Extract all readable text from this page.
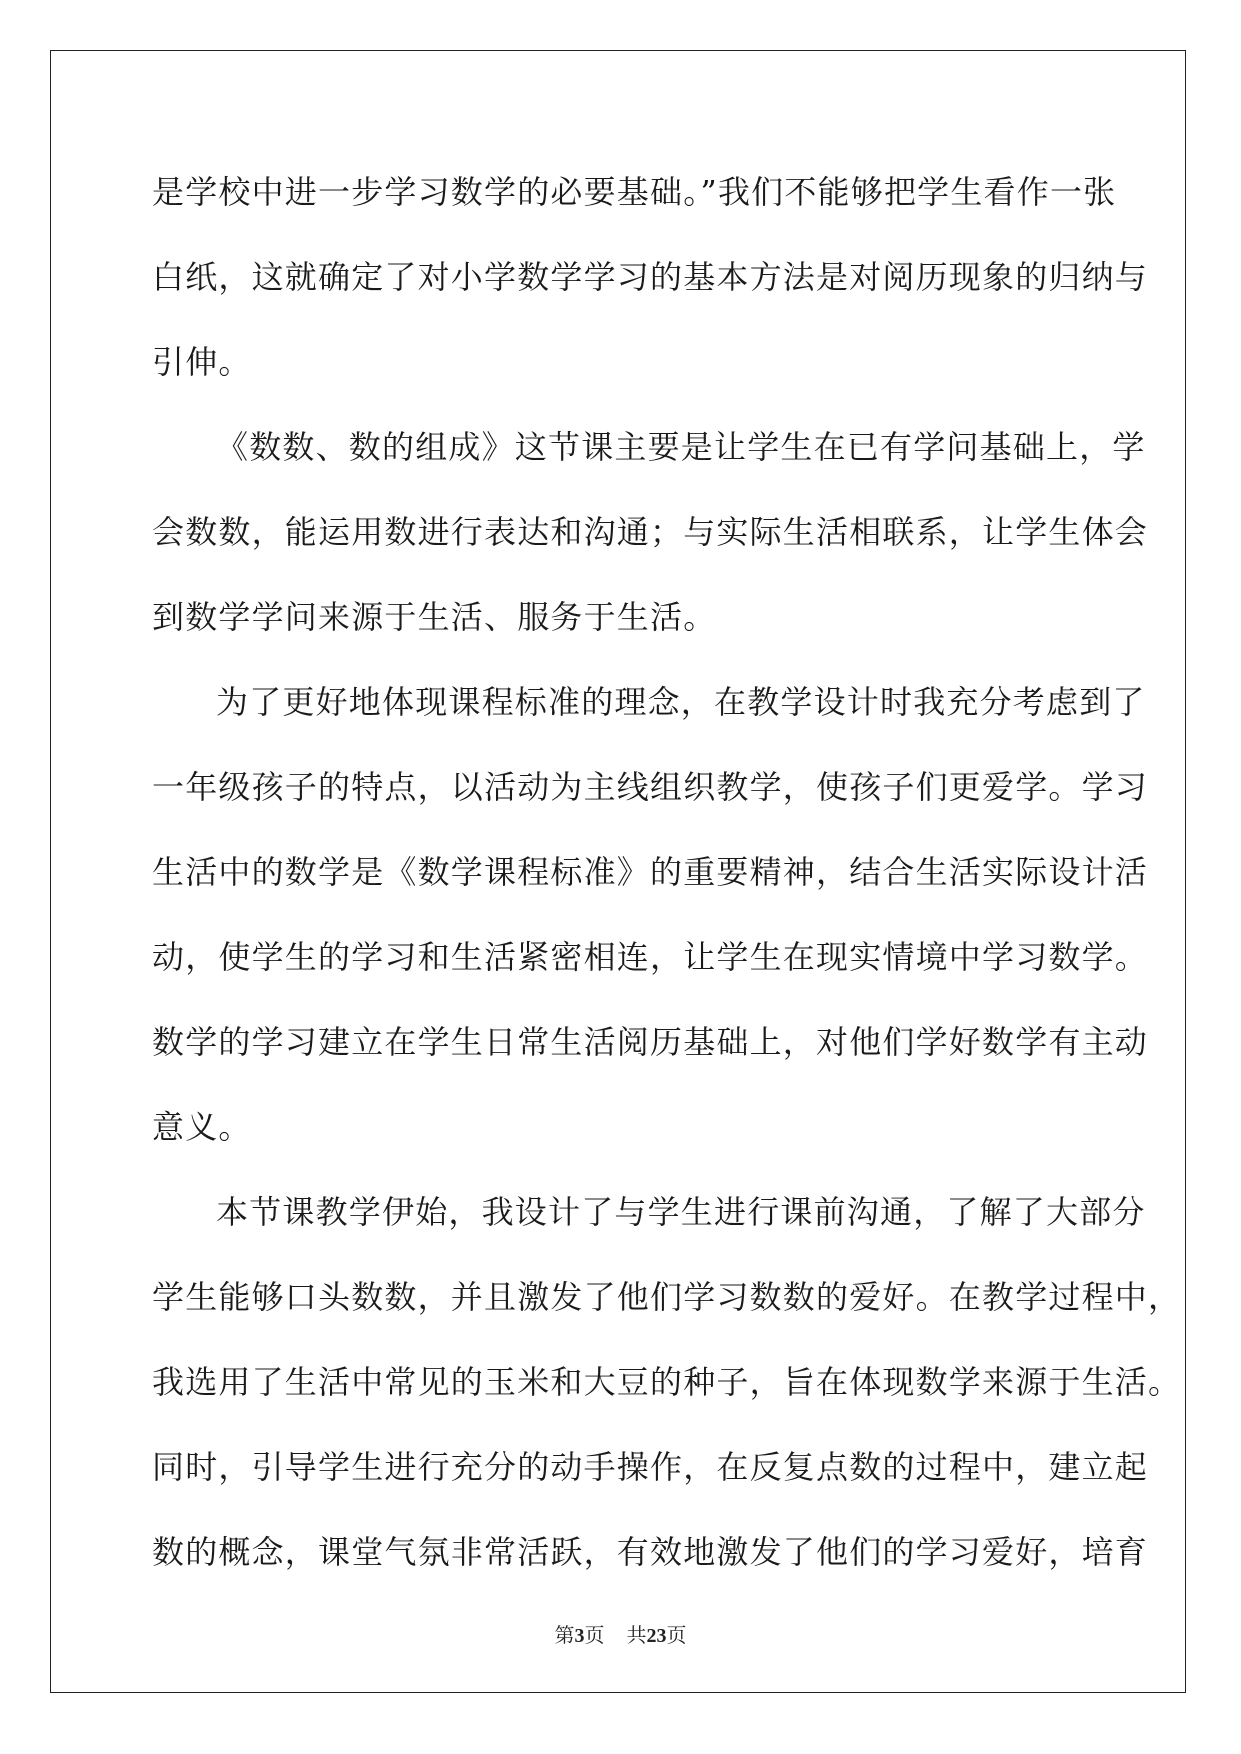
是学校中进一步学习数学的必要基础。”我们不能够把学生看作一张
白纸，这就确定了对小学数学学习的基本方法是对阅历现象的归纳与
引伸。
《数数、数的组成》这节课主要是让学生在已有学问基础上，学
会数数，能运用数进行表达和沟通；与实际生活相联系，让学生体会
到数学学问来源于生活、服务于生活。
为了更好地体现课程标准的理念，在教学设计时我充分考虑到了
一年级孩子的特点，以活动为主线组织教学，使孩子们更爱学。学习
生活中的数学是《数学课程标准》的重要精神，结合生活实际设计活
动，使学生的学习和生活紧密相连，让学生在现实情境中学习数学。
数学的学习建立在学生日常生活阅历基础上，对他们学好数学有主动
意义。
本节课教学伊始，我设计了与学生进行课前沟通，了解了大部分
学生能够口头数数，并且激发了他们学习数数的爱好。在教学过程中，
我选用了生活中常见的玉米和大豆的种子，旨在体现数学来源于生活。
同时，引导学生进行充分的动手操作，在反复点数的过程中，建立起
数的概念，课堂气氛非常活跃，有效地激发了他们的学习爱好，培育
第3页 共23页
